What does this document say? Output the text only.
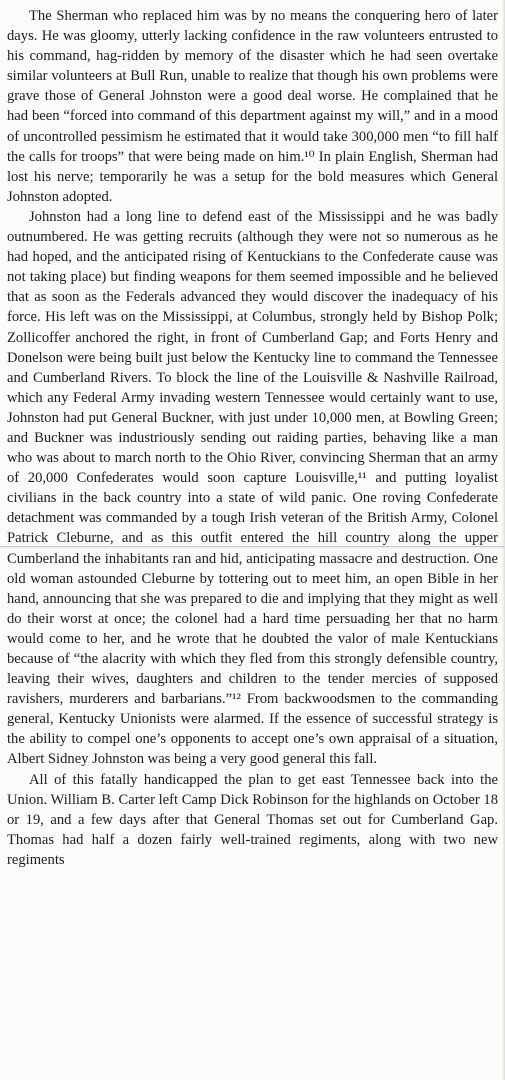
The Sherman who replaced him was by no means the conquering hero of later days. He was gloomy, utterly lacking confidence in the raw volunteers entrusted to his command, hag-ridden by memory of the disaster which he had seen overtake similar volunteers at Bull Run, unable to realize that though his own problems were grave those of General Johnston were a good deal worse. He complained that he had been “forced into command of this department against my will,” and in a mood of uncontrolled pessimism he estimated that it would take 300,000 men “to fill half the calls for troops” that were being made on him.¹⁰ In plain English, Sherman had lost his nerve; temporarily he was a setup for the bold measures which General Johnston adopted.

Johnston had a long line to defend east of the Mississippi and he was badly outnumbered. He was getting recruits (although they were not so numerous as he had hoped, and the anticipated rising of Kentuckians to the Confederate cause was not taking place) but finding weapons for them seemed impossible and he believed that as soon as the Federals advanced they would discover the inadequacy of his force. His left was on the Mississippi, at Columbus, strongly held by Bishop Polk; Zollicoffer anchored the right, in front of Cumberland Gap; and Forts Henry and Donelson were being built just below the Kentucky line to command the Tennessee and Cumberland Rivers. To block the line of the Louisville & Nashville Railroad, which any Federal Army invading western Tennessee would certainly want to use, Johnston had put General Buckner, with just under 10,000 men, at Bowling Green; and Buckner was industriously sending out raiding parties, behaving like a man who was about to march north to the Ohio River, convincing Sherman that an army of 20,000 Confederates would soon capture Louisville,¹¹ and putting loyalist civilians in the back country into a state of wild panic. One roving Confederate detachment was commanded by a tough Irish veteran of the British Army, Colonel Patrick Cleburne, and as this outfit entered the hill country along the upper Cumberland the inhabitants ran and hid, anticipating massacre and destruction. One old woman astounded Cleburne by tottering out to meet him, an open Bible in her hand, announcing that she was prepared to die and implying that they might as well do their worst at once; the colonel had a hard time persuading her that no harm would come to her, and he wrote that he doubted the valor of male Kentuckians because of “the alacrity with which they fled from this strongly defensible country, leaving their wives, daughters and children to the tender mercies of supposed ravishers, murderers and barbarians.”¹² From backwoodsmen to the commanding general, Kentucky Unionists were alarmed. If the essence of successful strategy is the ability to compel one’s opponents to accept one’s own appraisal of a situation, Albert Sidney Johnston was being a very good general this fall.

All of this fatally handicapped the plan to get east Tennessee back into the Union. William B. Carter left Camp Dick Robinson for the highlands on October 18 or 19, and a few days after that General Thomas set out for Cumberland Gap. Thomas had half a dozen fairly well-trained regiments, along with two new regiments
